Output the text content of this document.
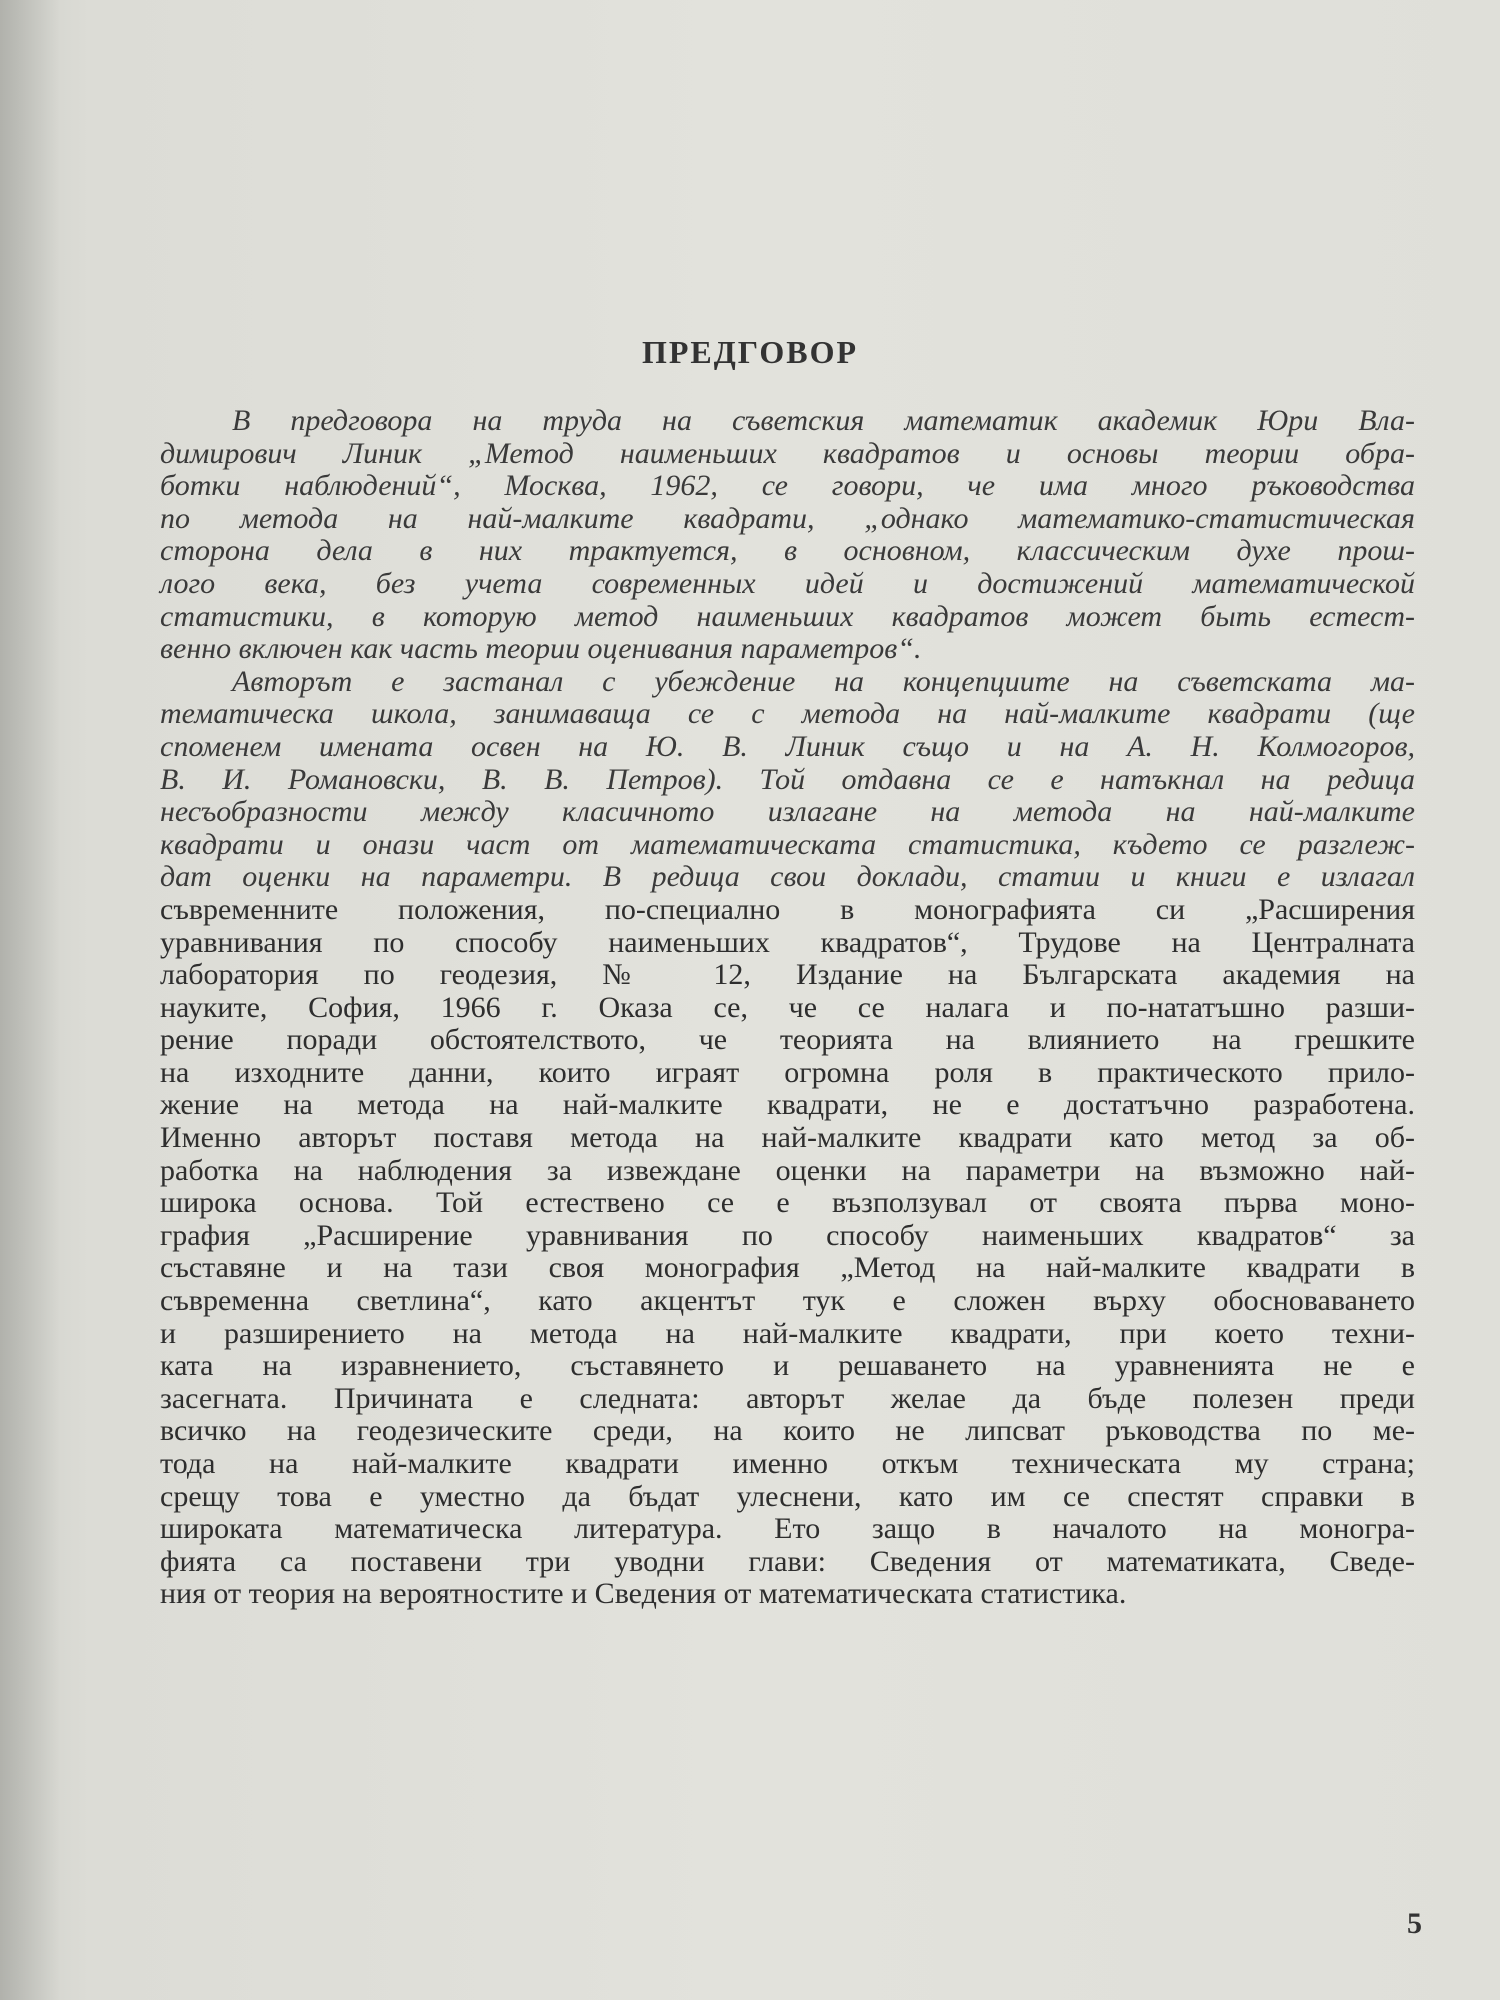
ПРЕДГОВОР
В предговора на труда на съветския математик академик Юри Вла-
димирович Линик „Метод наименьших квадратов и основы теории обра-
ботки наблюдений“, Москва, 1962, се говори, че има много ръководства
по метода на най-малките квадрати, „однако математико-статистическая
сторона дела в них трактуется, в основном, классическим духе прош-
лого века, без учета современных идей и достижений математической
статистики, в которую метод наименьших квадратов может быть естест-
венно включен как часть теории оценивания параметров“.
Авторът е застанал с убеждение на концепциите на съветската ма-
тематическа школа, занимаваща се с метода на най-малките квадрати (ще
споменем имената освен на Ю. В. Линик също и на А. Н. Колмогоров,
В. И. Романовски, В. В. Петров). Той отдавна се е натъкнал на редица
несъобразности между класичното излагане на метода на най-малките
квадрати и онази част от математическата статистика, където се разглеж-
дат оценки на параметри. В редица свои доклади, статии и книги е излагал
съвременните положения, по-специално в монографията си „Расширения
уравнивания по способу наименьших квадратов“, Трудове на Централната
лаборатория по геодезия, № 12, Издание на Българската академия на
науките, София, 1966 г. Оказа се, че се налага и по-нататъшно разши-
рение поради обстоятелството, че теорията на влиянието на грешките
на изходните данни, които играят огромна роля в практическото прило-
жение на метода на най-малките квадрати, не е достатъчно разработена.
Именно авторът поставя метода на най-малките квадрати като метод за об-
работка на наблюдения за извеждане оценки на параметри на възможно най-
широка основа. Той естествено се е възползувал от своята първа моно-
графия „Расширение уравнивания по способу наименьших квадратов“ за
съставяне и на тази своя монография „Метод на най-малките квадрати в
съвременна светлина“, като акцентът тук е сложен върху обосноваването
и разширението на метода на най-малките квадрати, при което техни-
ката на изравнението, съставянето и решаването на уравненията не е
засегната. Причината е следната: авторът желае да бъде полезен преди
всичко на геодезическите среди, на които не липсват ръководства по ме-
тода на най-малките квадрати именно откъм техническата му страна;
срещу това е уместно да бъдат улеснени, като им се спестят справки в
широката математическа литература. Ето защо в началото на моногра-
фията са поставени три уводни глави: Сведения от математиката, Сведе-
ния от теория на вероятностите и Сведения от математическата статистика.
5
